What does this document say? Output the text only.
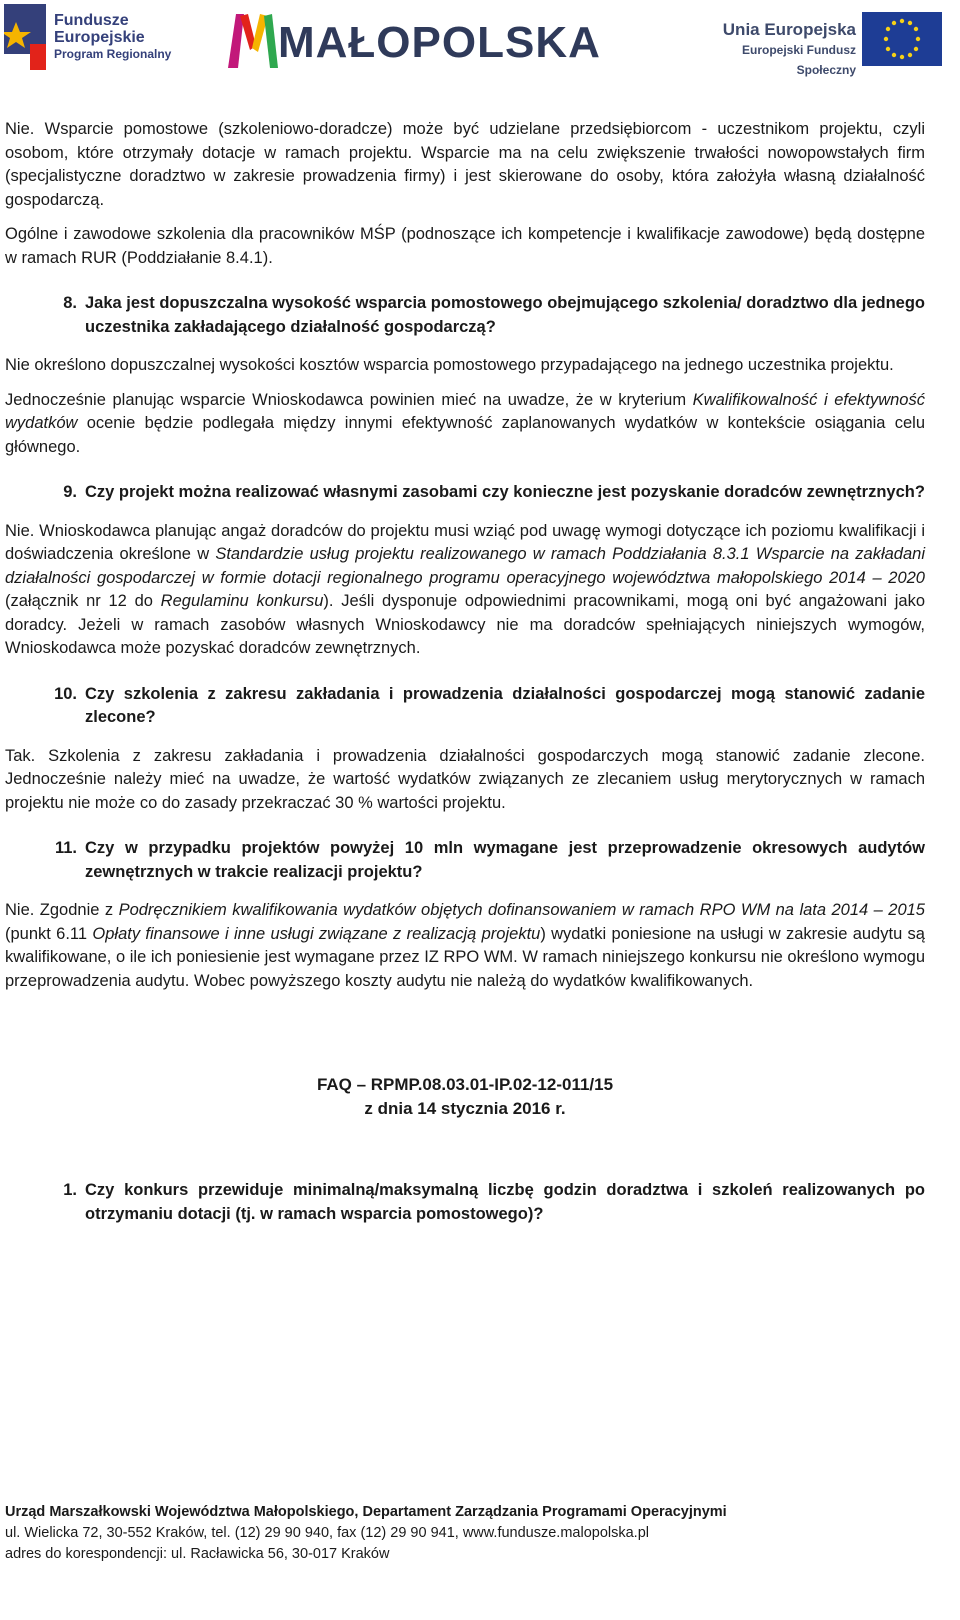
Fundusze
Europejskie
Program Regionalny MAŁOPOLSKA	Unia Europejska
Europejski Fundusz Społeczny

Nie. Wsparcie pomostowe (szkoleniowo-doradcze) może być udzielane przedsiębiorcom - uczestnikom projektu, czyli osobom, które otrzymały dotacje w ramach projektu. Wsparcie ma na celu zwiększenie trwałości nowopowstałych firm (specjalistyczne doradztwo w zakresie prowadzenia firmy) i jest skierowane do osoby, która założyła własną działalność gospodarczą.

Ogólne i zawodowe szkolenia dla pracowników MŚP (podnoszące ich kompetencje i kwalifikacje zawodowe) będą dostępne w ramach RUR (Poddziałanie 8.4.1).

8. Jaka jest dopuszczalna wysokość wsparcia pomostowego obejmującego szkolenia/ doradztwo dla jednego uczestnika zakładającego działalność gospodarczą?

Nie określono dopuszczalnej wysokości kosztów wsparcia pomostowego przypadającego na jednego uczestnika projektu.

Jednocześnie planując wsparcie Wnioskodawca powinien mieć na uwadze, że w kryterium Kwalifikowalność i efektywność wydatków ocenie będzie podlegała między innymi efektywność zaplanowanych wydatków w kontekście osiągania celu głównego.

9. Czy projekt można realizować własnymi zasobami czy konieczne jest pozyskanie doradców zewnętrznych?

Nie. Wnioskodawca planując angaż doradców do projektu musi wziąć pod uwagę wymogi dotyczące ich poziomu kwalifikacji i doświadczenia określone w Standardzie usług projektu realizowanego w ramach Poddziałania 8.3.1 Wsparcie na zakładani działalności gospodarczej w formie dotacji regionalnego programu operacyjnego województwa małopolskiego 2014 – 2020 (załącznik nr 12 do Regulaminu konkursu). Jeśli dysponuje odpowiednimi pracownikami, mogą oni być angażowani jako doradcy. Jeżeli w ramach zasobów własnych Wnioskodawcy nie ma doradców spełniających niniejszych wymogów, Wnioskodawca może pozyskać doradców zewnętrznych.

10. Czy szkolenia z zakresu zakładania i prowadzenia działalności gospodarczej mogą stanowić zadanie zlecone?

Tak. Szkolenia z zakresu zakładania i prowadzenia działalności gospodarczych mogą stanowić zadanie zlecone. Jednocześnie należy mieć na uwadze, że wartość wydatków związanych ze zlecaniem usług merytorycznych w ramach projektu nie może co do zasady przekraczać 30 % wartości projektu.

11. Czy w przypadku projektów powyżej 10 mln wymagane jest przeprowadzenie okresowych audytów zewnętrznych w trakcie realizacji projektu?

Nie. Zgodnie z Podręcznikiem kwalifikowania wydatków objętych dofinansowaniem w ramach RPO WM na lata 2014 – 2015 (punkt 6.11 Opłaty finansowe i inne usługi związane z realizacją projektu) wydatki poniesione na usługi w zakresie audytu są kwalifikowane, o ile ich poniesienie jest wymagane przez IZ RPO WM. W ramach niniejszego konkursu nie określono wymogu przeprowadzenia audytu. Wobec powyższego koszty audytu nie należą do wydatków kwalifikowanych.

FAQ – RPMP.08.03.01-IP.02-12-011/15
z dnia 14 stycznia 2016 r.
1. Czy konkurs przewiduje minimalną/maksymalną liczbę godzin doradztwa i szkoleń realizowanych po otrzymaniu dotacji (tj. w ramach wsparcia pomostowego)?
Urząd Marszałkowski Województwa Małopolskiego, Departament Zarządzania Programami Operacyjnymi
ul. Wielicka 72, 30-552 Kraków, tel. (12) 29 90 940, fax (12) 29 90 941, www.fundusze.malopolska.pl
adres do korespondencji: ul. Racławicka 56, 30-017 Kraków
